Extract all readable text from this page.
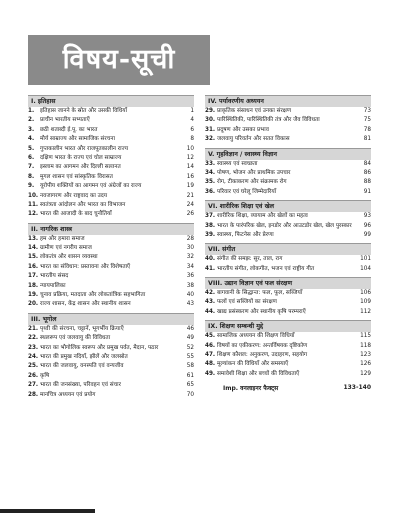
विषय-सूची
I. इतिहास
1.	इतिहास जानने के स्रोत और उसकी विधियाँ	1
2.	प्राचीन भारतीय सभ्यताएँ	4
3.	छठी शताब्दी ई.पू. का भारत	6
4.	मौर्य साम्राज्य और सामाजिक संरचना	8
5.	गुप्तकालीन भारत और राजपूतकालीन राज्य	10
6.	दक्षिण भारत के राज्य एवं चोल साम्राज्य	12
7.	इस्लाम का आगमन और दिल्ली सल्तनत	14
8.	मुगल शासन एवं सांस्कृतिक विरासत	16
9.	यूरोपीय शक्तियों का आगमन एवं अंग्रेजों का राज्य	19
10. नवजागरण और राष्ट्रवाद का उदय	21
11. स्वतंत्रता आंदोलन और भारत का विभाजन	24
12. भारत की आजादी के बाद चुनौतियाँ	26
II. नागरिक शास्त्र
13. हम और हमारा समाज	28
14. ग्रामीण एवं नगरीय समाज	30
15. लोकतंत्र और शासन व्यवस्था	32
16. भारत का संविधान: प्रस्तावना और विशेषताएँ	34
17. भारतीय संसद	36
18. न्यायपालिका	38
19. चुनाव प्रक्रिया, मतदाता और लोकतांत्रिक सहभागिता	40
20. राज्य शासन, केंद्र शासन और स्थानीय शासन	43
III. भूगोल
21. पृथ्वी की संरचना, चट्टानें, भूगर्भीय क्रियाएँ	46
22. स्थलरूप एवं जलवायु की विविधता	49
23. भारत का भौगोलिक स्वरूप और प्रमुख पर्वत, मैदान, पठार	52
24. भारत की प्रमुख नदियाँ, झीलें और जलस्रोत	55
25. भारत की जलवायु, वनस्पति एवं वन्यजीव	58
26. कृषि	61
27. भारत की जनसंख्या, परिवहन एवं संचार	65
28. मानचित्र अध्ययन एवं प्रयोग	70
IV. पर्यावरणीय अध्ययन
29. प्राकृतिक संसाधन एवं उनका संरक्षण	73
30. पारिस्थितिकी, पारिस्थितिकी तंत्र और जैव विविधता	75
31. प्रदूषण और उसका प्रभाव	78
32. जलवायु परिवर्तन और सतत विकास	81
V. गृहविज्ञान / स्वास्थ्य विज्ञान
33. स्वास्थ्य एवं स्वच्छता	84
34. पोषण, भोजन और प्राथमिक उपचार	86
35. रोग, टीकाकरण और संक्रामक रोग	88
36. परिवार एवं घरेलू जिम्मेदारियाँ	91
VI. शारीरिक शिक्षा एवं खेल
37. शारीरिक शिक्षा, व्यायाम और खेलों का महत्व	93
38. भारत के पारंपरिक खेल, इनडोर और आउटडोर खेल, खेल पुरस्कार	96
39. स्वास्थ्य, फिटनेस और प्रेरणा	99
VII. संगीत
40. संगीत की समझ: सुर, ताल, राग	101
41. भारतीय संगीत, लोकगीत, भजन एवं राष्ट्रीय गीत	104
VIII. उद्यान विज्ञान एवं फल संरक्षण
42. बागवानी के सिद्धान्त: फल, फूल, सब्जियाँ	106
43. फलों एवं सब्जियों का संरक्षण	109
44. खाद्य प्रसंस्करण और स्थानीय कृषि परम्पराएँ	112
IX. शिक्षण सम्बन्धी मुद्दे
45. सामाजिक अध्ययन की शिक्षण विधियाँ	115
46. विषयों का एकीकरण: अन्तर्विषयक दृष्टिकोण	118
47. शिक्षण कौशल: अनुकरण, उदाहरण, सहयोग	123
48. मूल्यांकन की विधियाँ और समस्याएँ	126
49. समावेशी शिक्षा और बच्चों की विविधताएँ	129
Imp. वनलाइनर फैक्ट्स	133-140
